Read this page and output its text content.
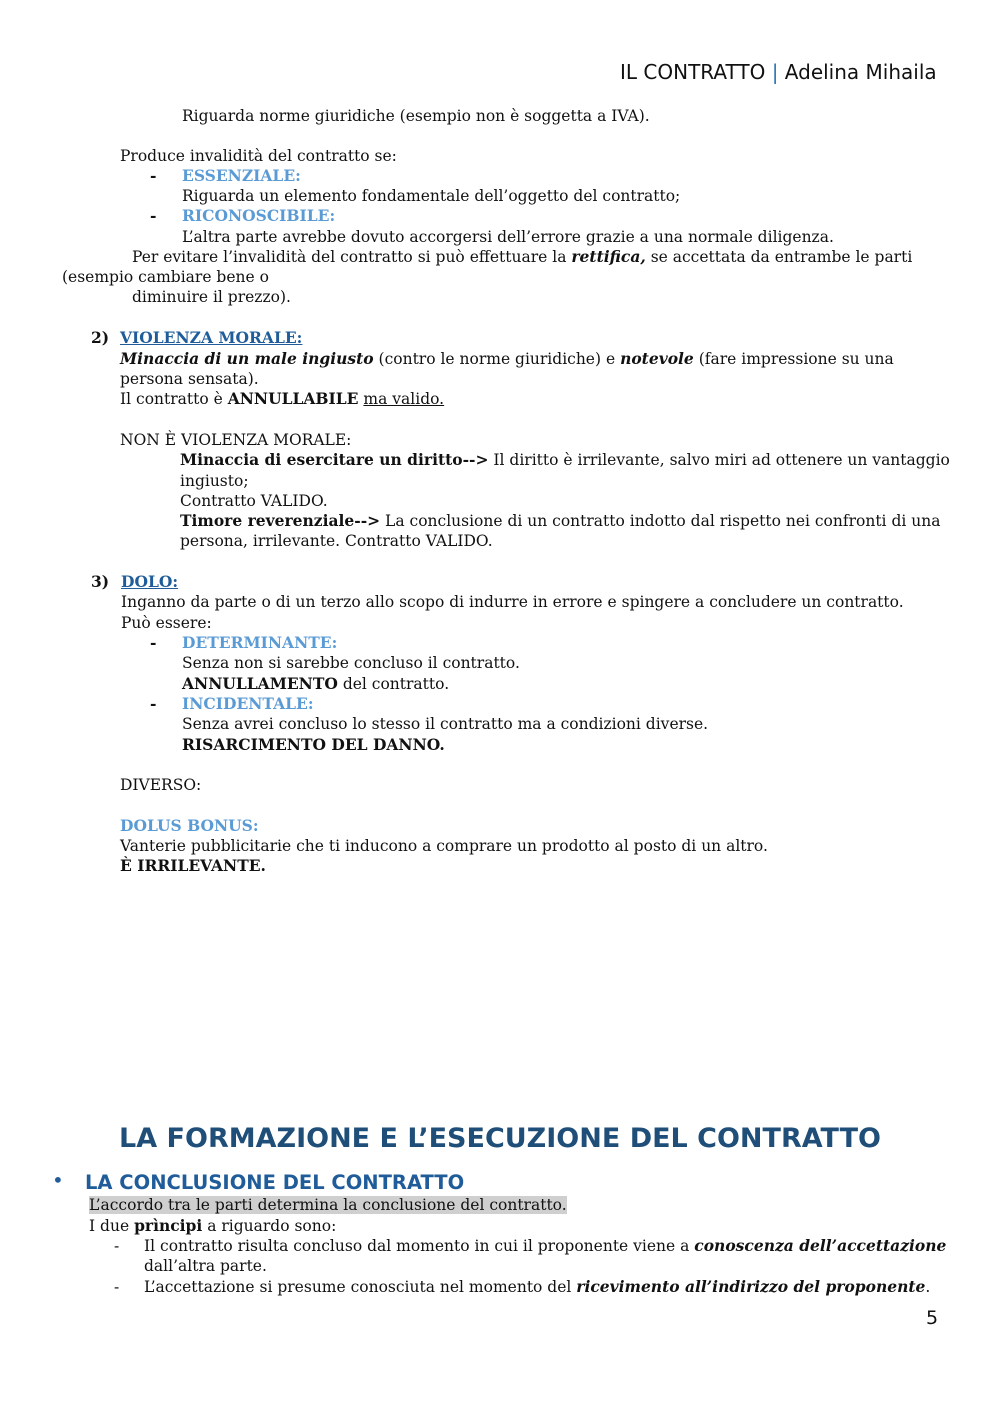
IL CONTRATTO | Adelina Mihaila
Riguarda norme giuridiche (esempio non è soggetta a IVA).
Produce invalidità del contratto se:
- ESSENZIALE:
Riguarda un elemento fondamentale dell’oggetto del contratto;
- RICONOSCIBILE:
L’altra parte avrebbe dovuto accorgersi dell’errore grazie a una normale diligenza.
Per evitare l’invalidità del contratto si può effettuare la rettifica, se accettata da entrambe le parti
(esempio cambiare bene o
diminuire il prezzo).
2) VIOLENZA MORALE:
Minaccia di un male ingiusto (contro le norme giuridiche) e notevole (fare impressione su una
persona sensata).
Il contratto è ANNULLABILE ma valido.
NON È VIOLENZA MORALE:
Minaccia di esercitare un diritto--> Il diritto è irrilevante, salvo miri ad ottenere un vantaggio
ingiusto;
Contratto VALIDO.
Timore reverenziale--> La conclusione di un contratto indotto dal rispetto nei confronti di una
persona, irrilevante. Contratto VALIDO.
3) DOLO:
Inganno da parte o di un terzo allo scopo di indurre in errore e spingere a concludere un contratto.
Può essere:
- DETERMINANTE:
Senza non si sarebbe concluso il contratto.
ANNULLAMENTO del contratto.
- INCIDENTALE:
Senza avrei concluso lo stesso il contratto ma a condizioni diverse.
RISARCIMENTO DEL DANNO.
DIVERSO:
DOLUS BONUS:
Vanterie pubblicitarie che ti inducono a comprare un prodotto al posto di un altro.
È IRRILEVANTE.
LA FORMAZIONE E L’ESECUZIONE DEL CONTRATTO
• LA CONCLUSIONE DEL CONTRATTO
L’accordo tra le parti determina la conclusione del contratto.
I due prìncipi a riguardo sono:
- Il contratto risulta concluso dal momento in cui il proponente viene a conoscenza dell’accettazione
dall’altra parte.
- L’accettazione si presume conosciuta nel momento del ricevimento all’indirizzo del proponente.
5
